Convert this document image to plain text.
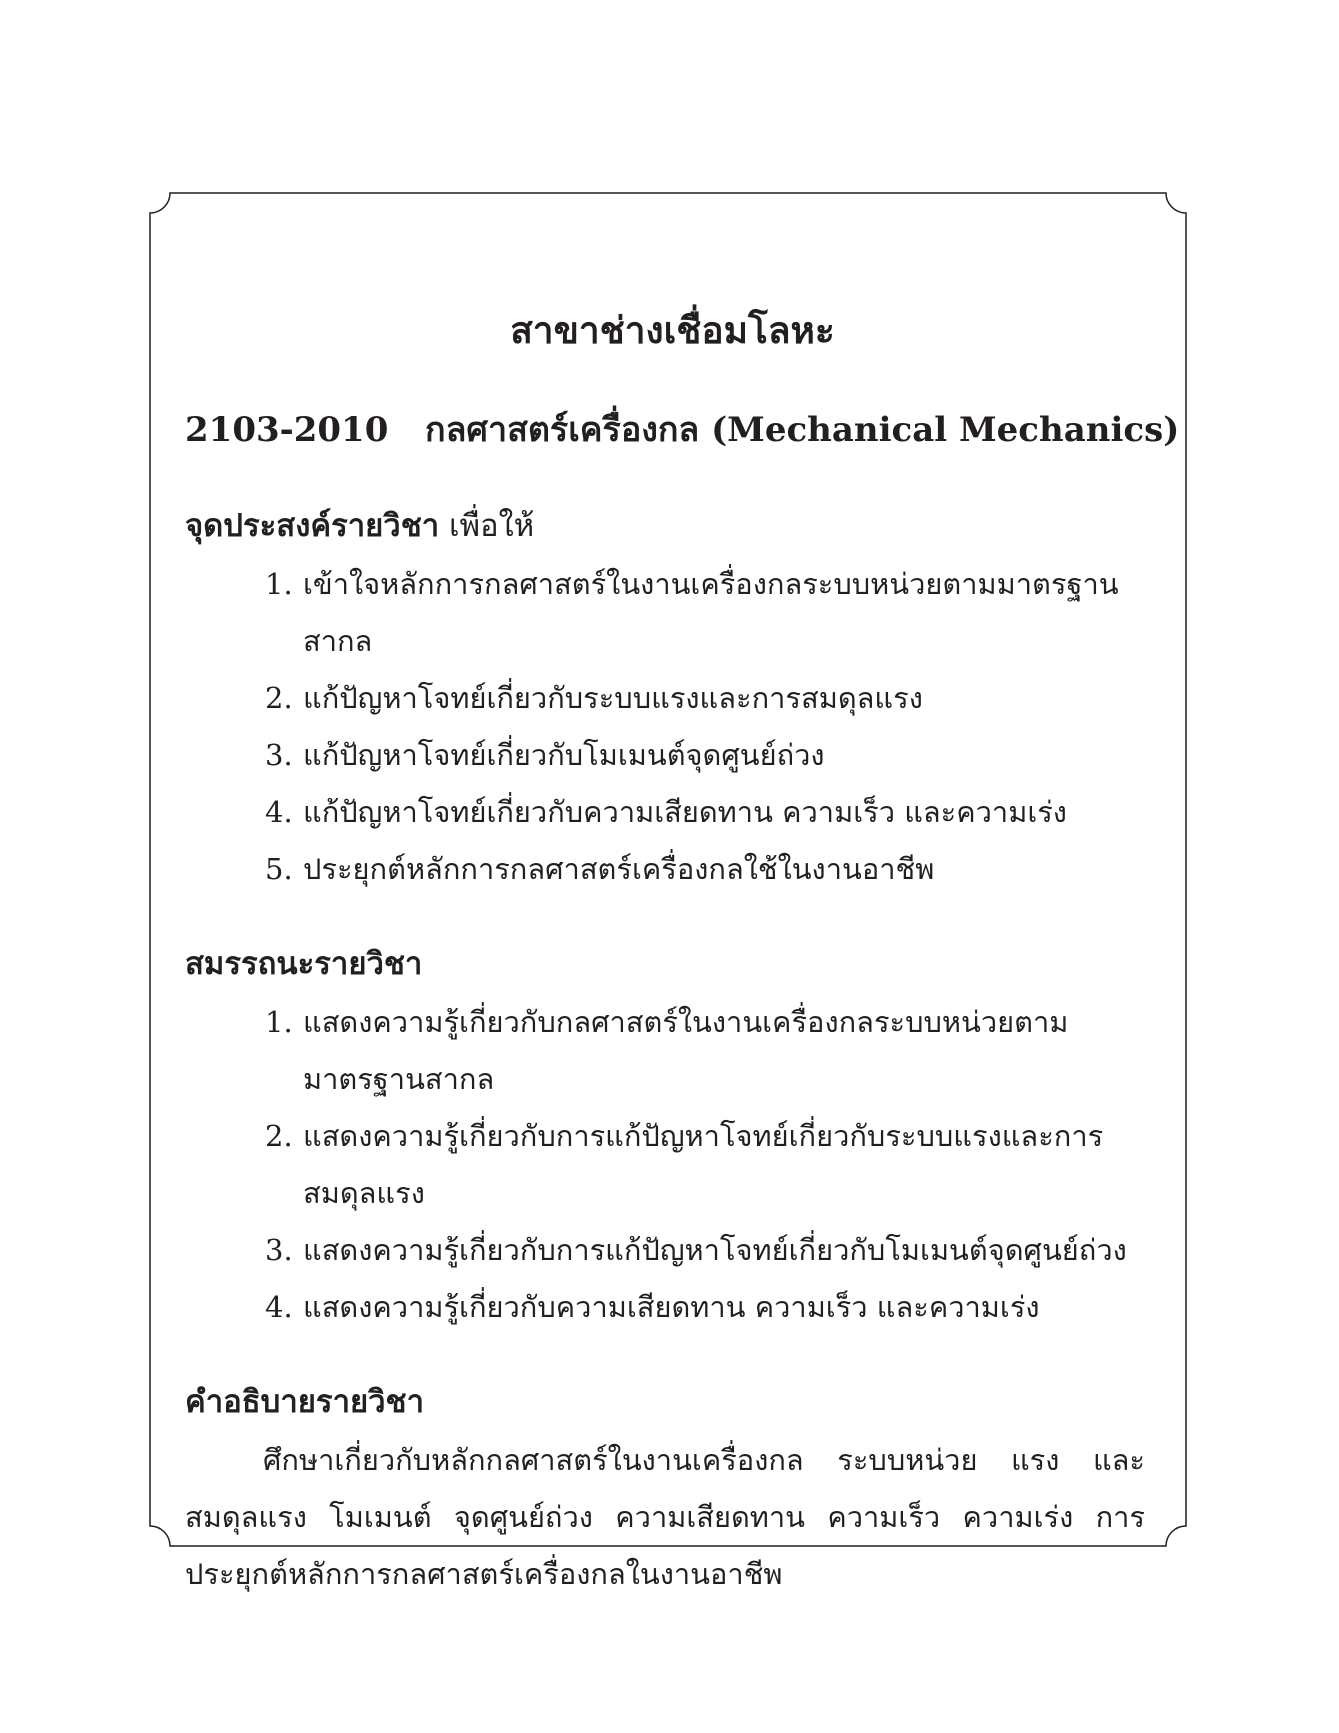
สาขาช่างเชื่อมโลหะ
2103-2010 กลศาสตร์เครื่องกล (Mechanical Mechanics)
จุดประสงค์รายวิชา เพื่อให้
1. เข้าใจหลักการกลศาสตร์ในงานเครื่องกลระบบหน่วยตามมาตรฐานสากล
2. แก้ปัญหาโจทย์เกี่ยวกับระบบแรงและการสมดุลแรง
3. แก้ปัญหาโจทย์เกี่ยวกับโมเมนต์จุดศูนย์ถ่วง
4. แก้ปัญหาโจทย์เกี่ยวกับความเสียดทาน ความเร็ว และความเร่ง
5. ประยุกต์หลักการกลศาสตร์เครื่องกลใช้ในงานอาชีพ
สมรรถนะรายวิชา
1. แสดงความรู้เกี่ยวกับกลศาสตร์ในงานเครื่องกลระบบหน่วยตามมาตรฐานสากล
2. แสดงความรู้เกี่ยวกับการแก้ปัญหาโจทย์เกี่ยวกับระบบแรงและการสมดุลแรง
3. แสดงความรู้เกี่ยวกับการแก้ปัญหาโจทย์เกี่ยวกับโมเมนต์จุดศูนย์ถ่วง
4. แสดงความรู้เกี่ยวกับความเสียดทาน ความเร็ว และความเร่ง
คำอธิบายรายวิชา

ศึกษาเกี่ยวกับหลักกลศาสตร์ในงานเครื่องกล ระบบหน่วย แรง และสมดุลแรง โมเมนต์ จุดศูนย์ถ่วง ความเสียดทาน ความเร็ว ความเร่ง การประยุกต์หลักการกลศาสตร์เครื่องกลในงานอาชีพ
